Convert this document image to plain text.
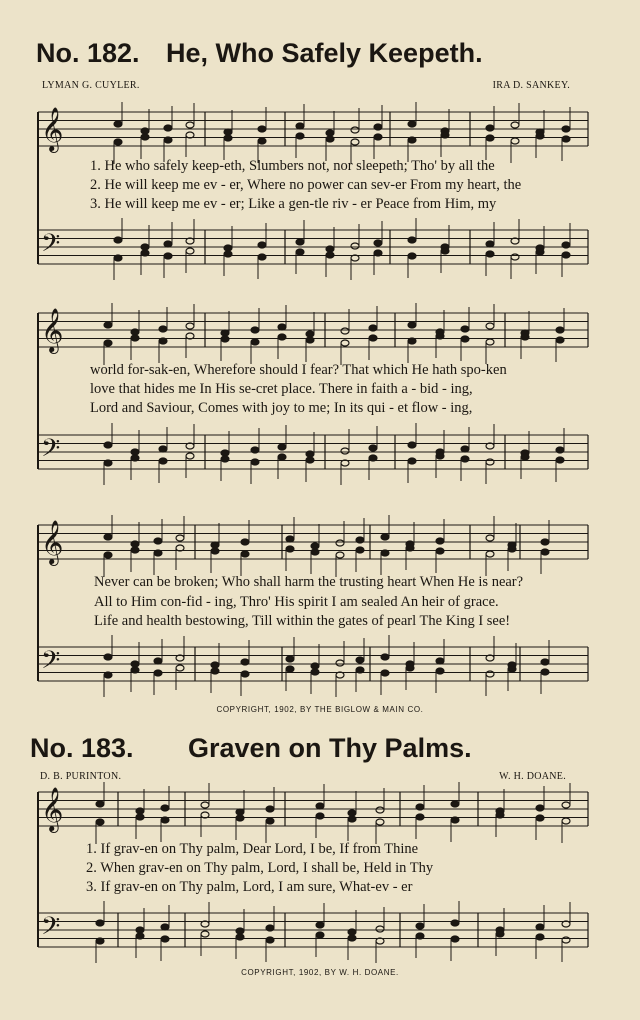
No. 182. He, Who Safely Keepeth.
LYMAN G. CUYLER.	IRA D. SANKEY.
1. He who safely keep-eth, Slumbers not, nor sleepeth; Tho' by all the
2. He will keep me ev - er, Where no power can sev-er From my heart, the
3. He will keep me ev - er; Like a gen-tle riv - er Peace from Him, my
world for-sak-en, Wherefore should I fear? That which He hath spo-ken
love that hides me In His se-cret place. There in faith a - bid - ing,
Lord and Saviour, Comes with joy to me; In its qui - et flow - ing,
Never can be broken; Who shall harm the trusting heart When He is near?
All to Him con-fid - ing, Thro' His spirit I am sealed An heir of grace.
Life and health bestowing, Till within the gates of pearl The King I see!
COPYRIGHT, 1902, BY THE BIGLOW & MAIN CO.
No. 183. Graven on Thy Palms.
D. B. PURINTON.	W. H. DOANE.
1. If grav-en on Thy palm, Dear Lord, I be, If from Thine
2. When grav-en on Thy palm, Lord, I shall be, Held in Thy
3. If grav-en on Thy palm, Lord, I am sure, What-ev - er
COPYRIGHT, 1902, BY W. H. DOANE.
𝄞
𝄢
𝄞
𝄢
𝄞
𝄢
𝄞
𝄢
